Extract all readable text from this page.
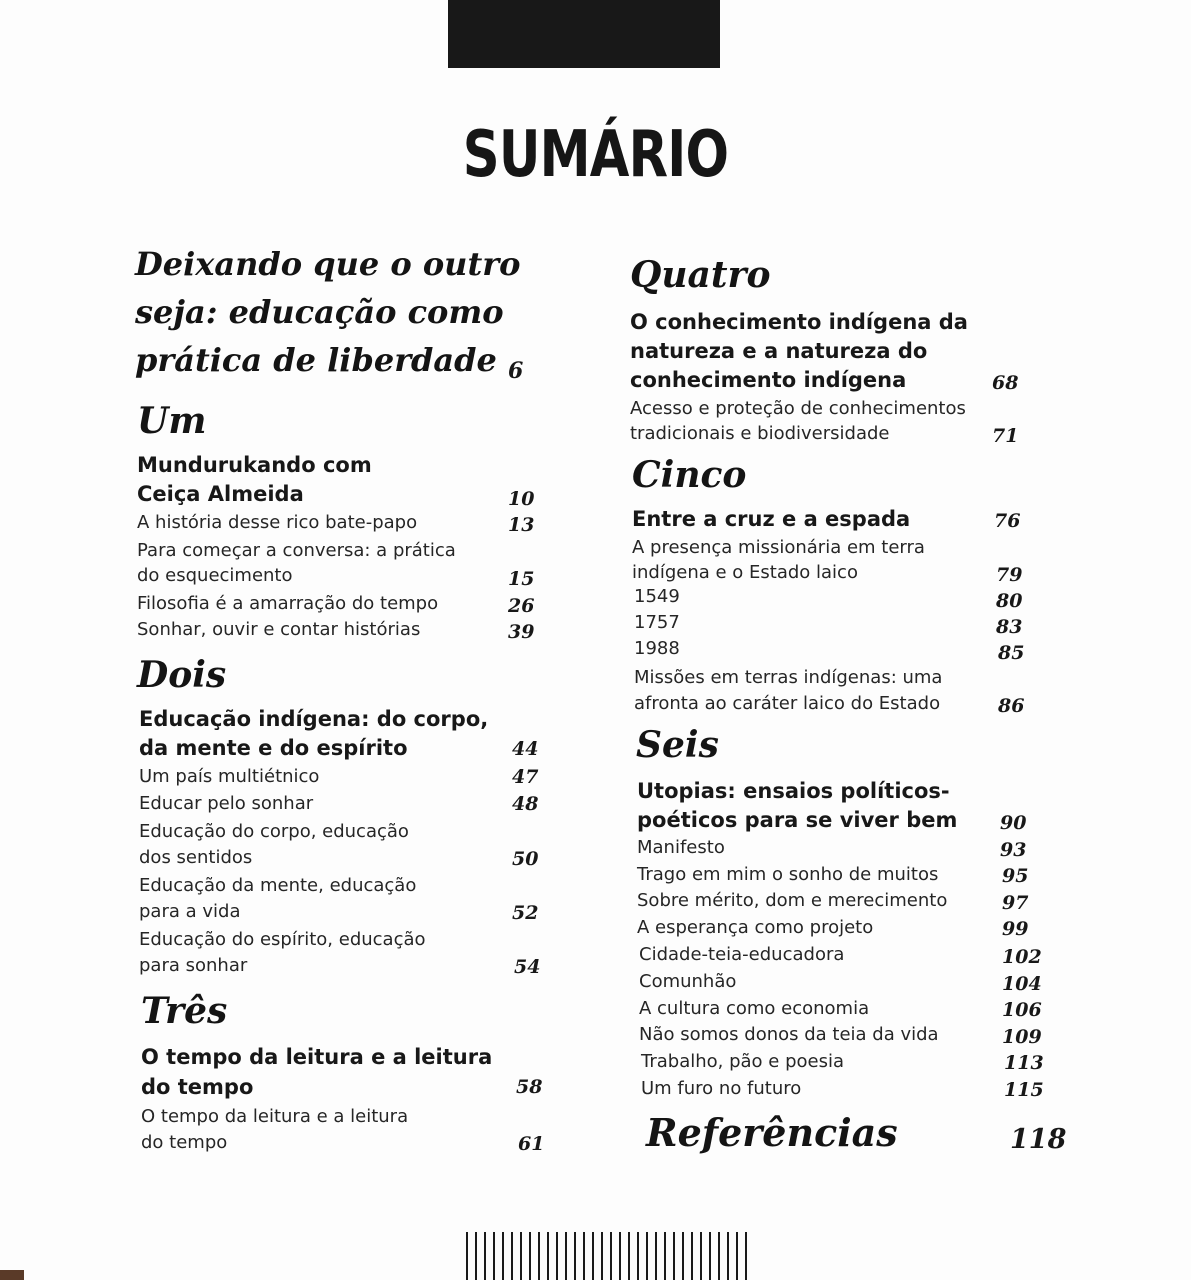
SUMÁRIO
Deixando que o outro
seja: educação como
prática de liberdade 6
Um
Mundurukando com
Ceiça Almeida	10
A história desse rico bate-papo	13
Para começar a conversa: a prática
do esquecimento	15
Filosofia é a amarração do tempo	26
Sonhar, ouvir e contar histórias	39
Dois
Educação indígena: do corpo,
da mente e do espírito	44
Um país multiétnico	47
Educar pelo sonhar	48
Educação do corpo, educação
dos sentidos	50
Educação da mente, educação
para a vida	52
Educação do espírito, educação
para sonhar	54
Três
O tempo da leitura e a leitura
do tempo	58
O tempo da leitura e a leitura
do tempo	61
Quatro
O conhecimento indígena da
natureza e a natureza do
conhecimento indígena	68
Acesso e proteção de conhecimentos
tradicionais e biodiversidade	71
Cinco
Entre a cruz e a espada	76
A presença missionária em terra
indígena e o Estado laico	79
1549	80
1757	83
1988	85
Missões em terras indígenas: uma
afronta ao caráter laico do Estado	86
Seis
Utopias: ensaios políticos-
poéticos para se viver bem 90
Manifesto	93
Trago em mim o sonho de muitos	95
Sobre mérito, dom e merecimento	97
A esperança como projeto	99
Cidade-teia-educadora	102
Comunhão	104
A cultura como economia	106
Não somos donos da teia da vida	109
Trabalho, pão e poesia	113
Um furo no futuro	115
Referências	118
